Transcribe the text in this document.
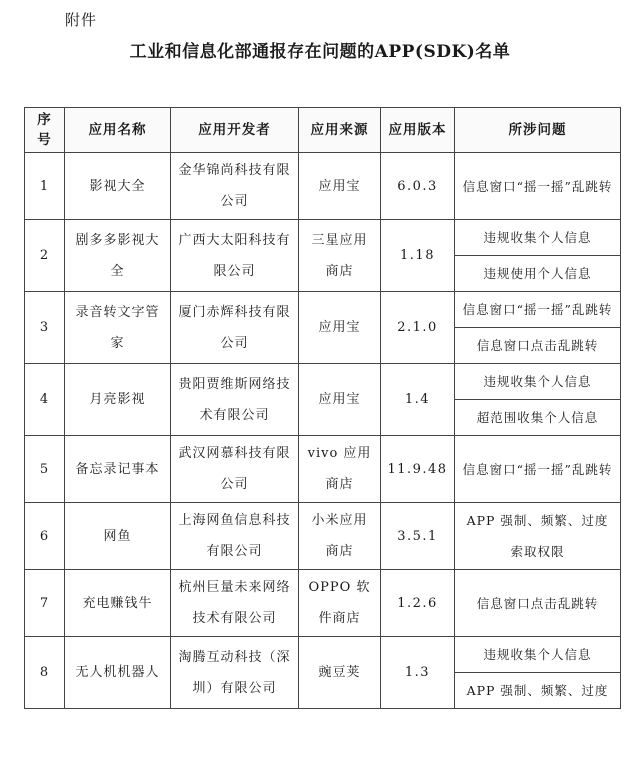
附件
工业和信息化部通报存在问题的APP(SDK)名单
序号	应用名称	应用开发者	应用来源	应用版本	所涉问题
1	影视大全	金华锦尚科技有限公司	应用宝	6.0.3	信息窗口“摇一摇”乱跳转
2	剧多多影视大全	广西大太阳科技有限公司	三星应用商店	1.18	违规收集个人信息
					违规使用个人信息
3	录音转文字管家	厦门赤辉科技有限公司	应用宝	2.1.0	信息窗口“摇一摇”乱跳转
					信息窗口点击乱跳转
4	月亮影视	贵阳贾维斯网络技术有限公司	应用宝	1.4	违规收集个人信息
					超范围收集个人信息
5	备忘录记事本	武汉网慕科技有限公司	vivo 应用商店	11.9.48	信息窗口“摇一摇”乱跳转
6	网鱼	上海网鱼信息科技有限公司	小米应用商店	3.5.1	APP 强制、频繁、过度索取权限
7	充电赚钱牛	杭州巨量未来网络技术有限公司	OPPO 软件商店	1.2.6	信息窗口点击乱跳转
8	无人机机器人	淘腾互动科技（深圳）有限公司	豌豆荚	1.3	违规收集个人信息
					APP 强制、频繁、过度
